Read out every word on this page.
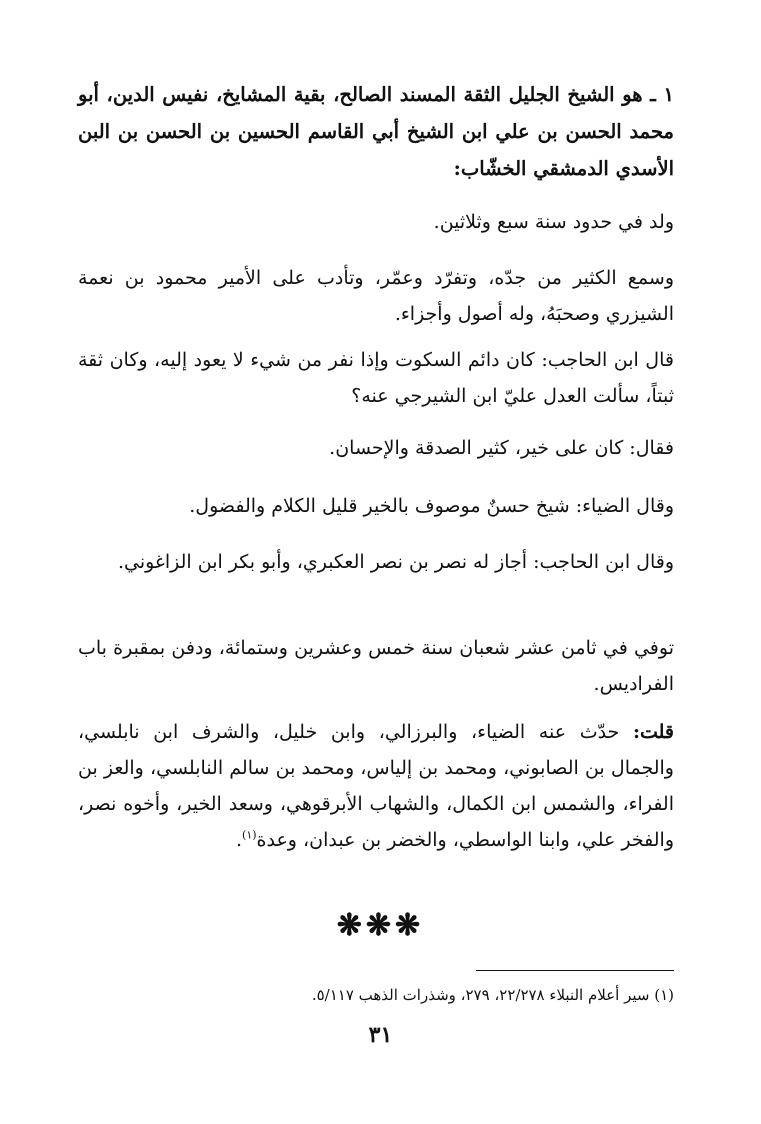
١ ـ هو الشيخ الجليل الثقة المسند الصالح، بقية المشايخ، نفيس الدين، أبو محمد الحسن بن علي ابن الشيخ أبي القاسم الحسين بن الحسن بن البن الأسدي الدمشقي الخشّاب:

ولد في حدود سنة سبع وثلاثين.

وسمع الكثير من جدّه، وتفرّد وعمّر، وتأدب على الأمير محمود بن نعمة الشيزري وصحبَهُ، وله أصول وأجزاء.

قال ابن الحاجب: كان دائم السكوت وإذا نفر من شيء لا يعود إليه، وكان ثقة ثبتاً، سألت العدل عليّ ابن الشيرجي عنه؟

فقال: كان على خير، كثير الصدقة والإحسان.

وقال الضياء: شيخ حسنٌ موصوف بالخير قليل الكلام والفضول.

وقال ابن الحاجب: أجاز له نصر بن نصر العكبري، وأبو بكر ابن الزاغوني.

توفي في ثامن عشر شعبان سنة خمس وعشرين وستمائة، ودفن بمقبرة باب الفراديس.

قلت: حدّث عنه الضياء، والبرزالي، وابن خليل، والشرف ابن نابلسي، والجمال بن الصابوني، ومحمد بن إلياس، ومحمد بن سالم النابلسي، والعز بن الفراء، والشمس ابن الكمال، والشهاب الأبرقوهي، وسعد الخير، وأخوه نصر، والفخر علي، وابنا الواسطي، والخضر بن عبدان، وعدة$^{(١)}$.

❋❋❋
(١) سير أعلام النبلاء ٢٢/٢٧٨، ٢٧٩، وشذرات الذهب ٥/١١٧.
٣١
